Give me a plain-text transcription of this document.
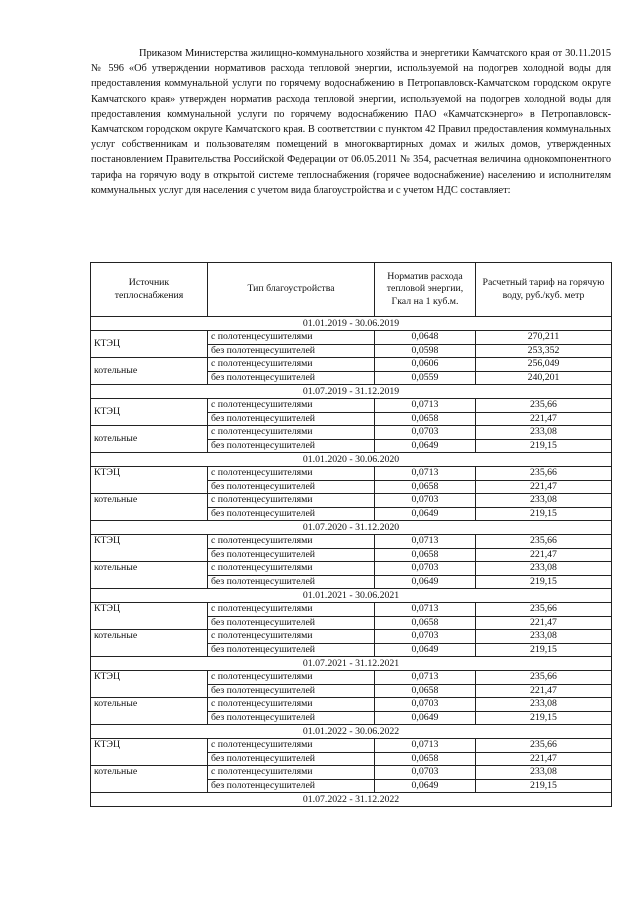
Приказом Министерства жилищно-коммунального хозяйства и энергетики Камчатского края от 30.11.2015 № 596 «Об утверждении нормативов расхода тепловой энергии, используемой на подогрев холодной воды для предоставления коммунальной услуги по горячему водоснабжению в Петропавловск-Камчатском городском округе Камчатского края» утвержден норматив расхода тепловой энергии, используемой на подогрев холодной воды для предоставления коммунальной услуги по горячему водоснабжению ПАО «Камчатскэнерго» в Петропавловск-Камчатском городском округе Камчатского края. В соответствии с пунктом 42 Правил предоставления коммунальных услуг собственникам и пользователям помещений в многоквартирных домах и жилых домов, утвержденных постановлением Правительства Российской Федерации от 06.05.2011 № 354, расчетная величина однокомпонентного тарифа на горячую воду в открытой системе теплоснабжения (горячее водоснабжение) населению и исполнителям коммунальных услуг для населения с учетом вида благоустройства и с учетом НДС составляет:

Источник теплоснабжения	Тип благоустройства	Норматив расхода тепловой энергии, Гкал на 1 куб.м.	Расчетный тариф на горячую воду, руб./куб. метр
01.01.2019 - 30.06.2019			
КТЭЦ	с полотенцесушителями	0,0648	270,211
	без полотенцесушителей	0,0598	253,352
котельные	с полотенцесушителями	0,0606	256,049
	без полотенцесушителей	0,0559	240,201
01.07.2019 - 31.12.2019			
КТЭЦ	с полотенцесушителями	0,0713	235,66
	без полотенцесушителей	0,0658	221,47
котельные	с полотенцесушителями	0,0703	233,08
	без полотенцесушителей	0,0649	219,15
01.01.2020 - 30.06.2020			
КТЭЦ	с полотенцесушителями	0,0713	235,66
	без полотенцесушителей	0,0658	221,47
котельные	с полотенцесушителями	0,0703	233,08
	без полотенцесушителей	0,0649	219,15
01.07.2020 - 31.12.2020			
КТЭЦ	с полотенцесушителями	0,0713	235,66
	без полотенцесушителей	0,0658	221,47
котельные	с полотенцесушителями	0,0703	233,08
	без полотенцесушителей	0,0649	219,15
01.01.2021 - 30.06.2021			
КТЭЦ	с полотенцесушителями	0,0713	235,66
	без полотенцесушителей	0,0658	221,47
котельные	с полотенцесушителями	0,0703	233,08
	без полотенцесушителей	0,0649	219,15
01.07.2021 - 31.12.2021			
КТЭЦ	с полотенцесушителями	0,0713	235,66
	без полотенцесушителей	0,0658	221,47
котельные	с полотенцесушителями	0,0703	233,08
	без полотенцесушителей	0,0649	219,15
01.01.2022 - 30.06.2022			
КТЭЦ	с полотенцесушителями	0,0713	235,66
	без полотенцесушителей	0,0658	221,47
котельные	с полотенцесушителями	0,0703	233,08
	без полотенцесушителей	0,0649	219,15
01.07.2022 - 31.12.2022			
